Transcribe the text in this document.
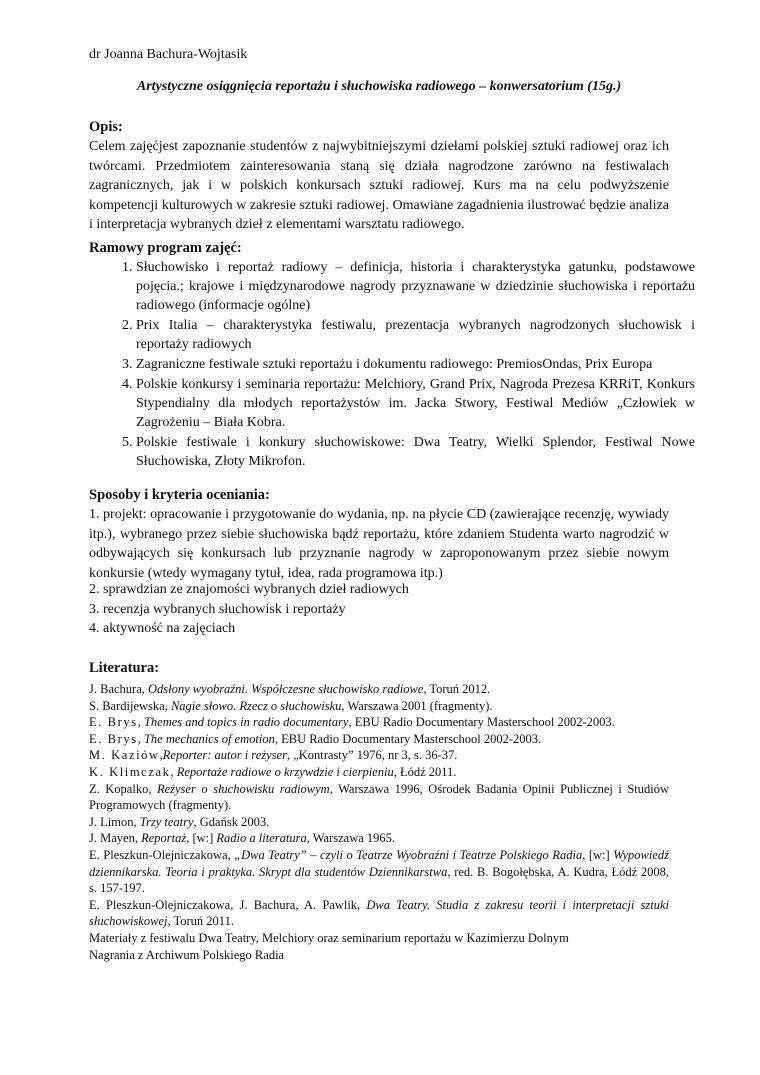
dr Joanna Bachura-Wojtasik
Artystyczne osiągnięcia reportażu i słuchowiska radiowego – konwersatorium (15g.)
Opis:
Celem zajęćjest zapoznanie studentów z najwybitniejszymi dziełami polskiej sztuki radiowej oraz ich twórcami. Przedmiotem zainteresowania staną się działa nagrodzone zarówno na festiwalach zagranicznych, jak i w polskich konkursach sztuki radiowej. Kurs ma na celu podwyższenie kompetencji kulturowych w zakresie sztuki radiowej. Omawiane zagadnienia ilustrować będzie analiza i interpretacja wybranych dzieł z elementami warsztatu radiowego.
Ramowy program zajęć:
1. Słuchowisko i reportaż radiowy – definicja, historia i charakterystyka gatunku, podstawowe pojęcia.; krajowe i międzynarodowe nagrody przyznawane w dziedzinie słuchowiska i reportażu radiowego (informacje ogólne)
2. Prix Italia – charakterystyka festiwalu, prezentacja wybranych nagrodzonych słuchowisk i reportaży radiowych
3. Zagraniczne festiwale sztuki reportażu i dokumentu radiowego: PremiosOndas, Prix Europa
4. Polskie konkursy i seminaria reportażu: Melchiory, Grand Prix, Nagroda Prezesa KRRiT, Konkurs Stypendialny dla młodych reportażystów im. Jacka Stwory, Festiwal Mediów „Człowiek w Zagrożeniu – Biała Kobra.
5. Polskie festiwale i konkury słuchowiskowe: Dwa Teatry, Wielki Splendor, Festiwal Nowe Słuchowiska, Złoty Mikrofon.
Sposoby i kryteria oceniania:
1. projekt: opracowanie i przygotowanie do wydania, np. na płycie CD (zawierające recenzję, wywiady itp.), wybranego przez siebie słuchowiska bądź reportażu, które zdaniem Studenta warto nagrodzić w odbywających się konkursach lub przyznanie nagrody w zaproponowanym przez siebie nowym konkursie (wtedy wymagany tytuł, idea, rada programowa itp.)
2. sprawdzian ze znajomości wybranych dzieł radiowych
3. recenzja wybranych słuchowisk i reportaży
4. aktywność na zajęciach
Literatura:
J. Bachura, Odsłony wyobraźni. Współczesne słuchowisko radiowe, Toruń 2012.
S. Bardijewska, Nagie słowo. Rzecz o słuchowisku, Warszawa 2001 (fragmenty).
E. Brys, Themes and topics in radio documentary, EBU Radio Documentary Masterschool 2002-2003.
E. Brys, The mechanics of emotion, EBU Radio Documentary Masterschool 2002-2003.
M. Kaziów,Reporter: autor i reżyser, „Kontrasty” 1976, nr 3, s. 36-37.
K. Klimczak, Reportaże radiowe o krzywdzie i cierpieniu, Łódź 2011.
Z. Kopalko, Reżyser o słuchowisku radiowym, Warszawa 1996, Ośrodek Badania Opinii Publicznej i Studiów Programowych (fragmenty).
J. Limon, Trzy teatry, Gdańsk 2003.
J. Mayen, Reportaż, [w:] Radio a literatura, Warszawa 1965.
E. Pleszkun-Olejniczakowa, „Dwa Teatry” – czyli o Teatrze Wyobraźni i Teatrze Polskiego Radia, [w:] Wypowiedź dziennikarska. Teoria i praktyka. Skrypt dla studentów Dziennikarstwa, red. B. Bogołębska, A. Kudra, Łódź 2008, s. 157-197.
E. Pleszkun-Olejniczakowa, J. Bachura, A. Pawlik, Dwa Teatry. Studia z zakresu teorii i interpretacji sztuki słuchowiskowej, Toruń 2011.
Materiały z festiwalu Dwa Teatry, Melchiory oraz seminarium reportażu w Kazimierzu Dolnym
Nagrania z Archiwum Polskiego Radia
